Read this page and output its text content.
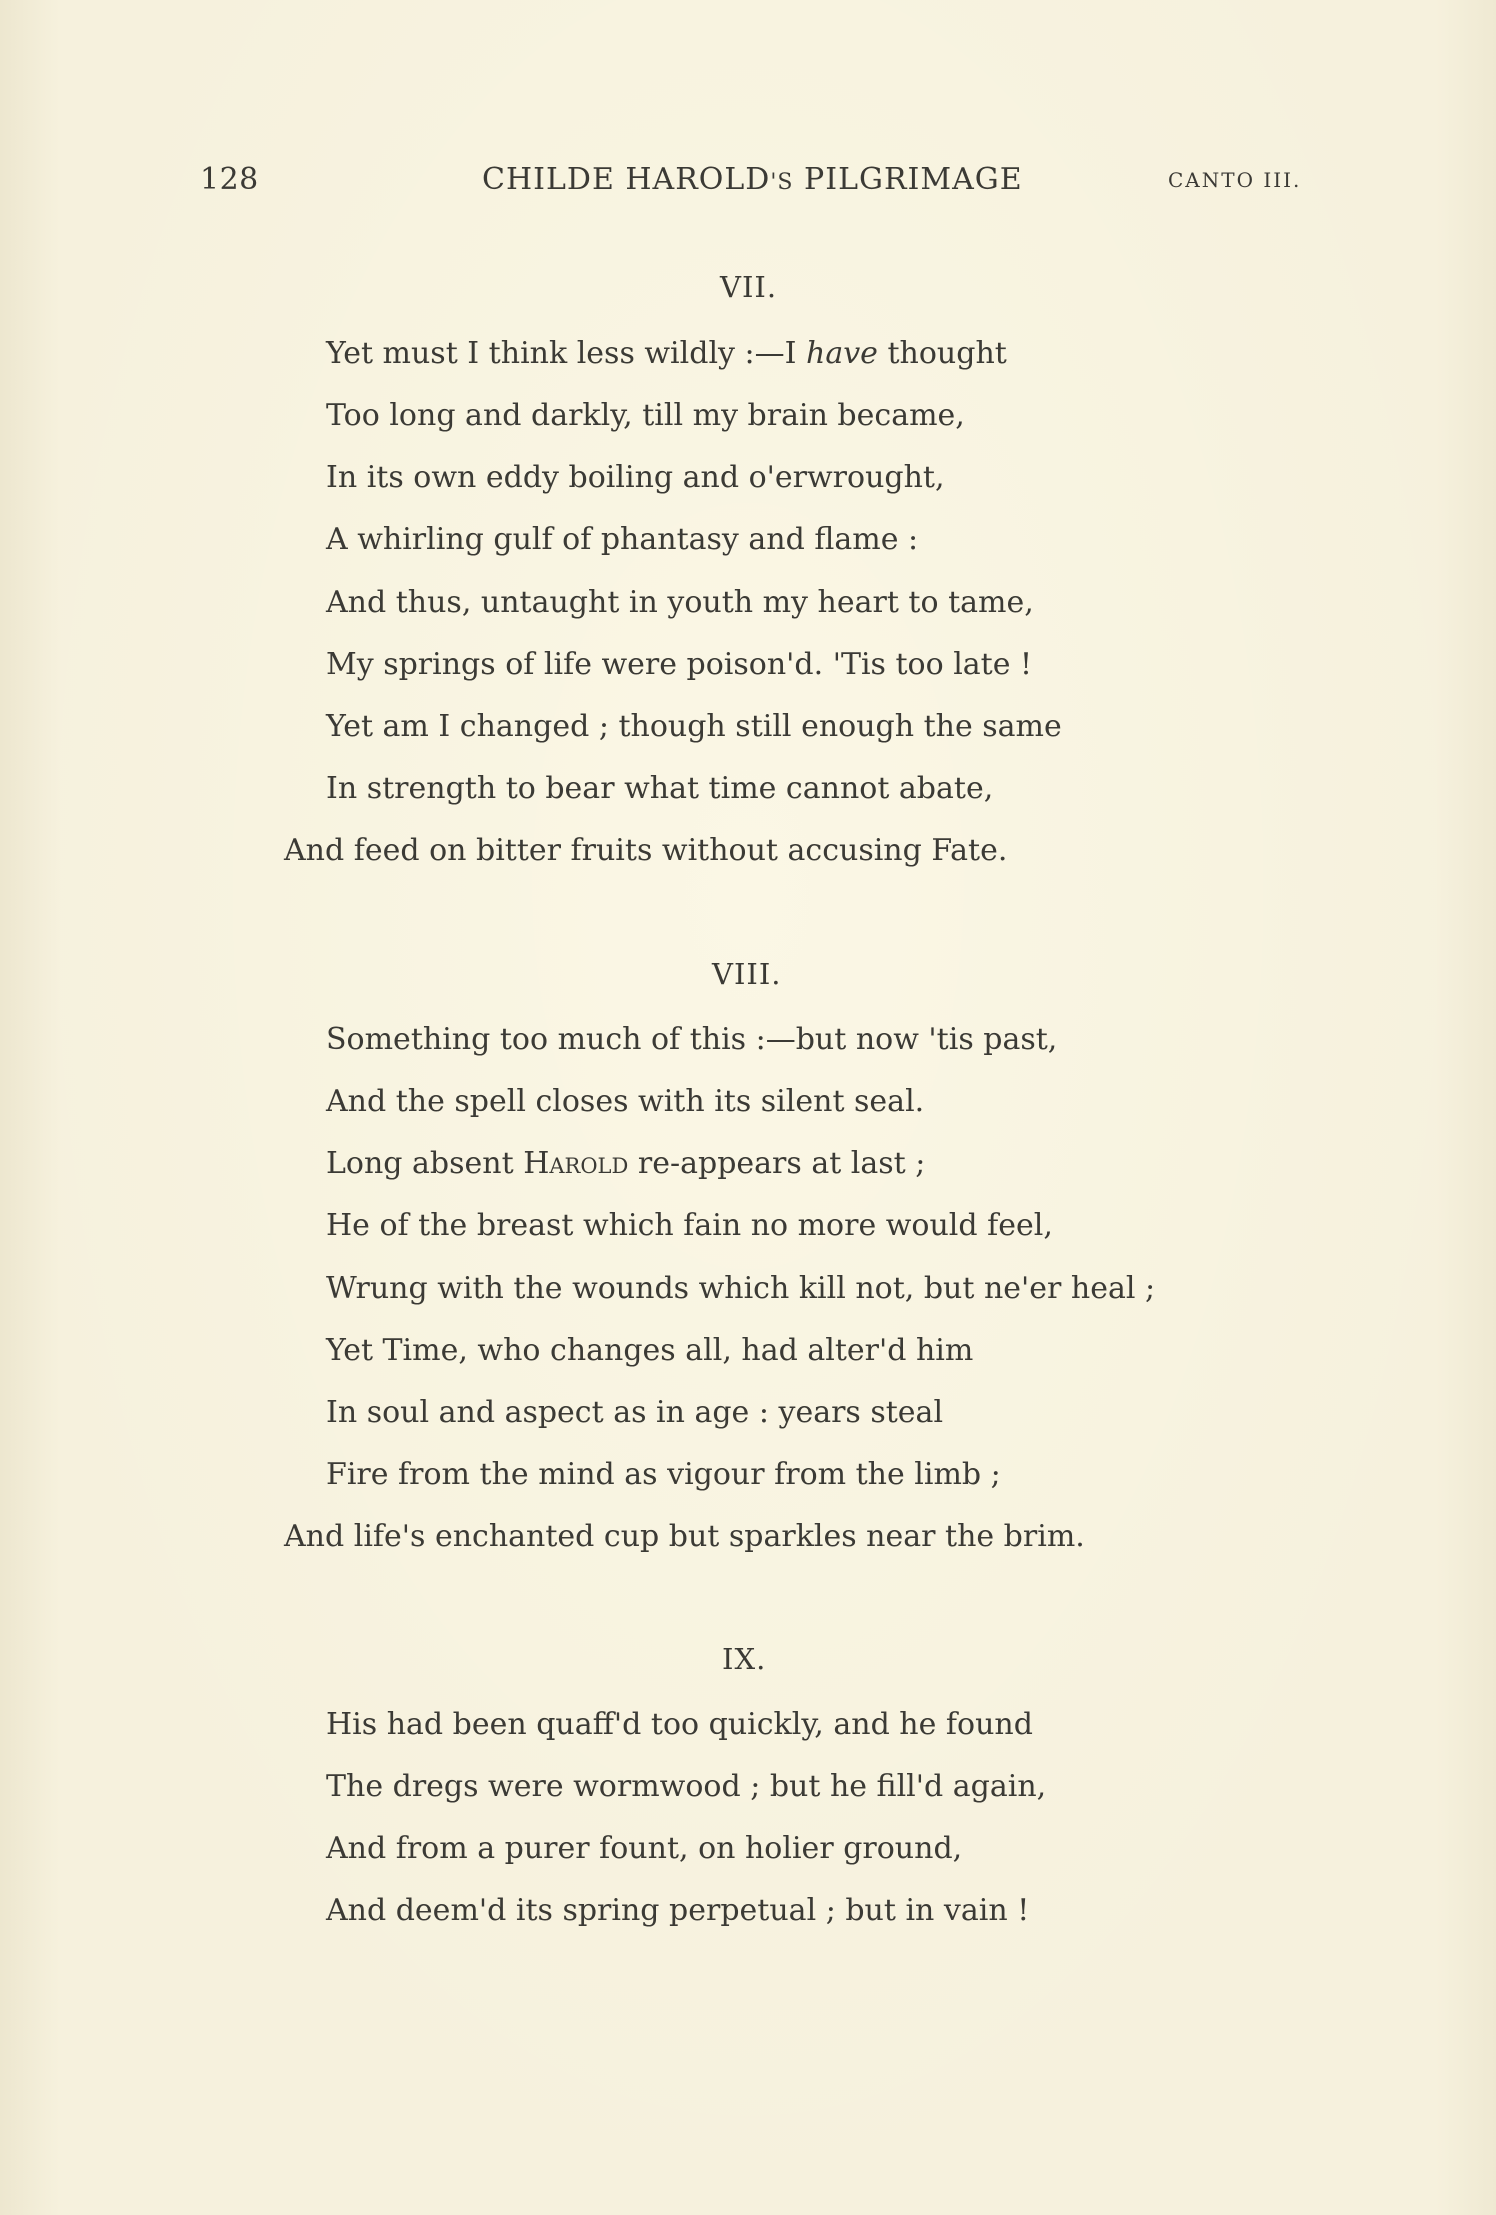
128	CHILDE HAROLD'S PILGRIMAGE	CANTO III.
VII.
Yet must I think less wildly :—I have thought
Too long and darkly, till my brain became,
In its own eddy boiling and o'erwrought,
A whirling gulf of phantasy and flame :
And thus, untaught in youth my heart to tame,
My springs of life were poison'd. 'Tis too late !
Yet am I changed ; though still enough the same
In strength to bear what time cannot abate,
And feed on bitter fruits without accusing Fate.
VIII.
Something too much of this :—but now 'tis past,
And the spell closes with its silent seal.
Long absent Harold re-appears at last ;
He of the breast which fain no more would feel,
Wrung with the wounds which kill not, but ne'er heal ;
Yet Time, who changes all, had alter'd him
In soul and aspect as in age : years steal
Fire from the mind as vigour from the limb ;
And life's enchanted cup but sparkles near the brim.
IX.
His had been quaff'd too quickly, and he found
The dregs were wormwood ; but he fill'd again,
And from a purer fount, on holier ground,
And deem'd its spring perpetual ; but in vain !
